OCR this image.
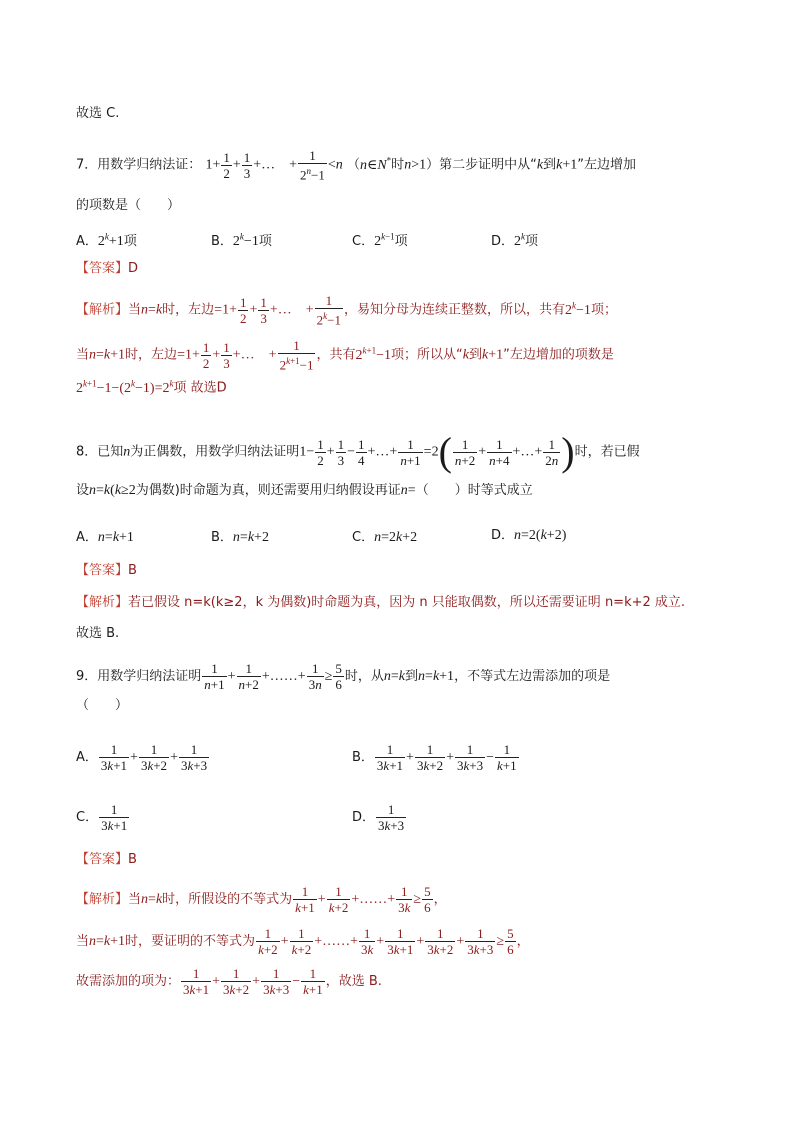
故选 C.
7．用数学归纳法证： $1+ \frac{1}{2} + \frac{1}{3}$ +…　+ $\frac{1}{2^n-1} <n$ （n∈N*时n>1）第二步证明中从“k到k+1”左边增加
的项数是（　　）
A．$2^k+1$项	B．$2^k-1$项	C．$2^{k-1}$项	D．2$^k$项
【答案】D
【解析】当n=k时，左边$=1+ \frac{1}{2} + \frac{1}{3}$ +…　+ $\frac{1}{2^k-1}$ ，易知分母为连续正整数，所以，共有$2^k-1$项；
当n=k+1时，左边$=1+ \frac{1}{2} + \frac{1}{3}$ +…　+ $\frac{1}{2^{k+1}-1}$ ，共有$2^{k+1}-1$项；所以从“k到k+1”左边增加的项数是
$2^{k+1}-1-(2^k-1)=2^k$项 故选D
8．已知n为正偶数，用数学归纳法证明$1- \frac{1}{2} + \frac{1}{3} - \frac{1}{4}$ +…+ $\frac{1}{n+1} =2( \frac{1}{n+2} + \frac{1}{n+4}$ +…+ $\frac{1}{2n}$ )时，若已假
设n=k(k≥2为偶数)时命题为真，则还需要用归纳假设再证n=（　　）时等式成立
A．n=k+1	B．n=k+2	C．n=2k+2	D．n=2(k+2)
【答案】B
【解析】若已假设 n=k(k≥2，k 为偶数)时命题为真，因为 n 只能取偶数，所以还需要证明 n=k+2 成立.
故选 B.
9．用数学归纳法证明 $\frac{1}{n+1} + \frac{1}{n+2}$ +……+ $\frac{1}{3n} \ge \frac{5}{6}$ 时，从n=k到n=k+1，不等式左边需添加的项是
（　　）
A． $\frac{1}{3k+1} + \frac{1}{3k+2} + \frac{1}{3k+3}$	B． $\frac{1}{3k+1} + \frac{1}{3k+2} + \frac{1}{3k+3} - \frac{1}{k+1}$
C． $\frac{1}{3k+1}$	D． $\frac{1}{3k+3}$
【答案】B
【解析】当n=k时，所假设的不等式为 $\frac{1}{k+1} + \frac{1}{k+2}$ +……+ $\frac{1}{3k} \ge \frac{5}{6}$ ，
当n=k+1时，要证明的不等式为 $\frac{1}{k+2} + \frac{1}{k+2}$ +……+ $\frac{1}{3k} + \frac{1}{3k+1} + \frac{1}{3k+2} + \frac{1}{3k+3} \ge \frac{5}{6}$ ，
故需添加的项为： $\frac{1}{3k+1} + \frac{1}{3k+2} + \frac{1}{3k+3} - \frac{1}{k+1}$ ，故选 B.
